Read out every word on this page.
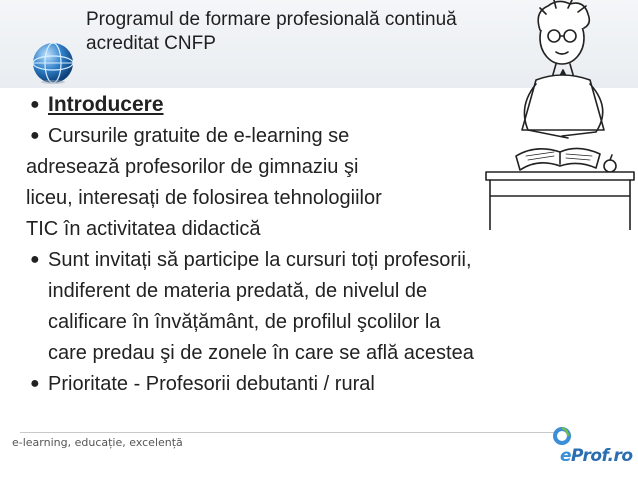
Programul de formare profesională continuă
acreditat CNFP
● Introducere
● Cursurile gratuite de e-learning se
adresează profesorilor de gimnaziu şi
liceu, interesați de folosirea tehnologiilor
TIC în activitatea didactică
● Sunt invitați să participe la cursuri toți profesorii,
indiferent de materia predată, de nivelul de
calificare în învățământ, de profilul şcolilor la
care predau şi de zonele în care se află acestea
● Prioritate - Profesorii debutanti / rural
e-learning, educație, excelență
eProf.ro
